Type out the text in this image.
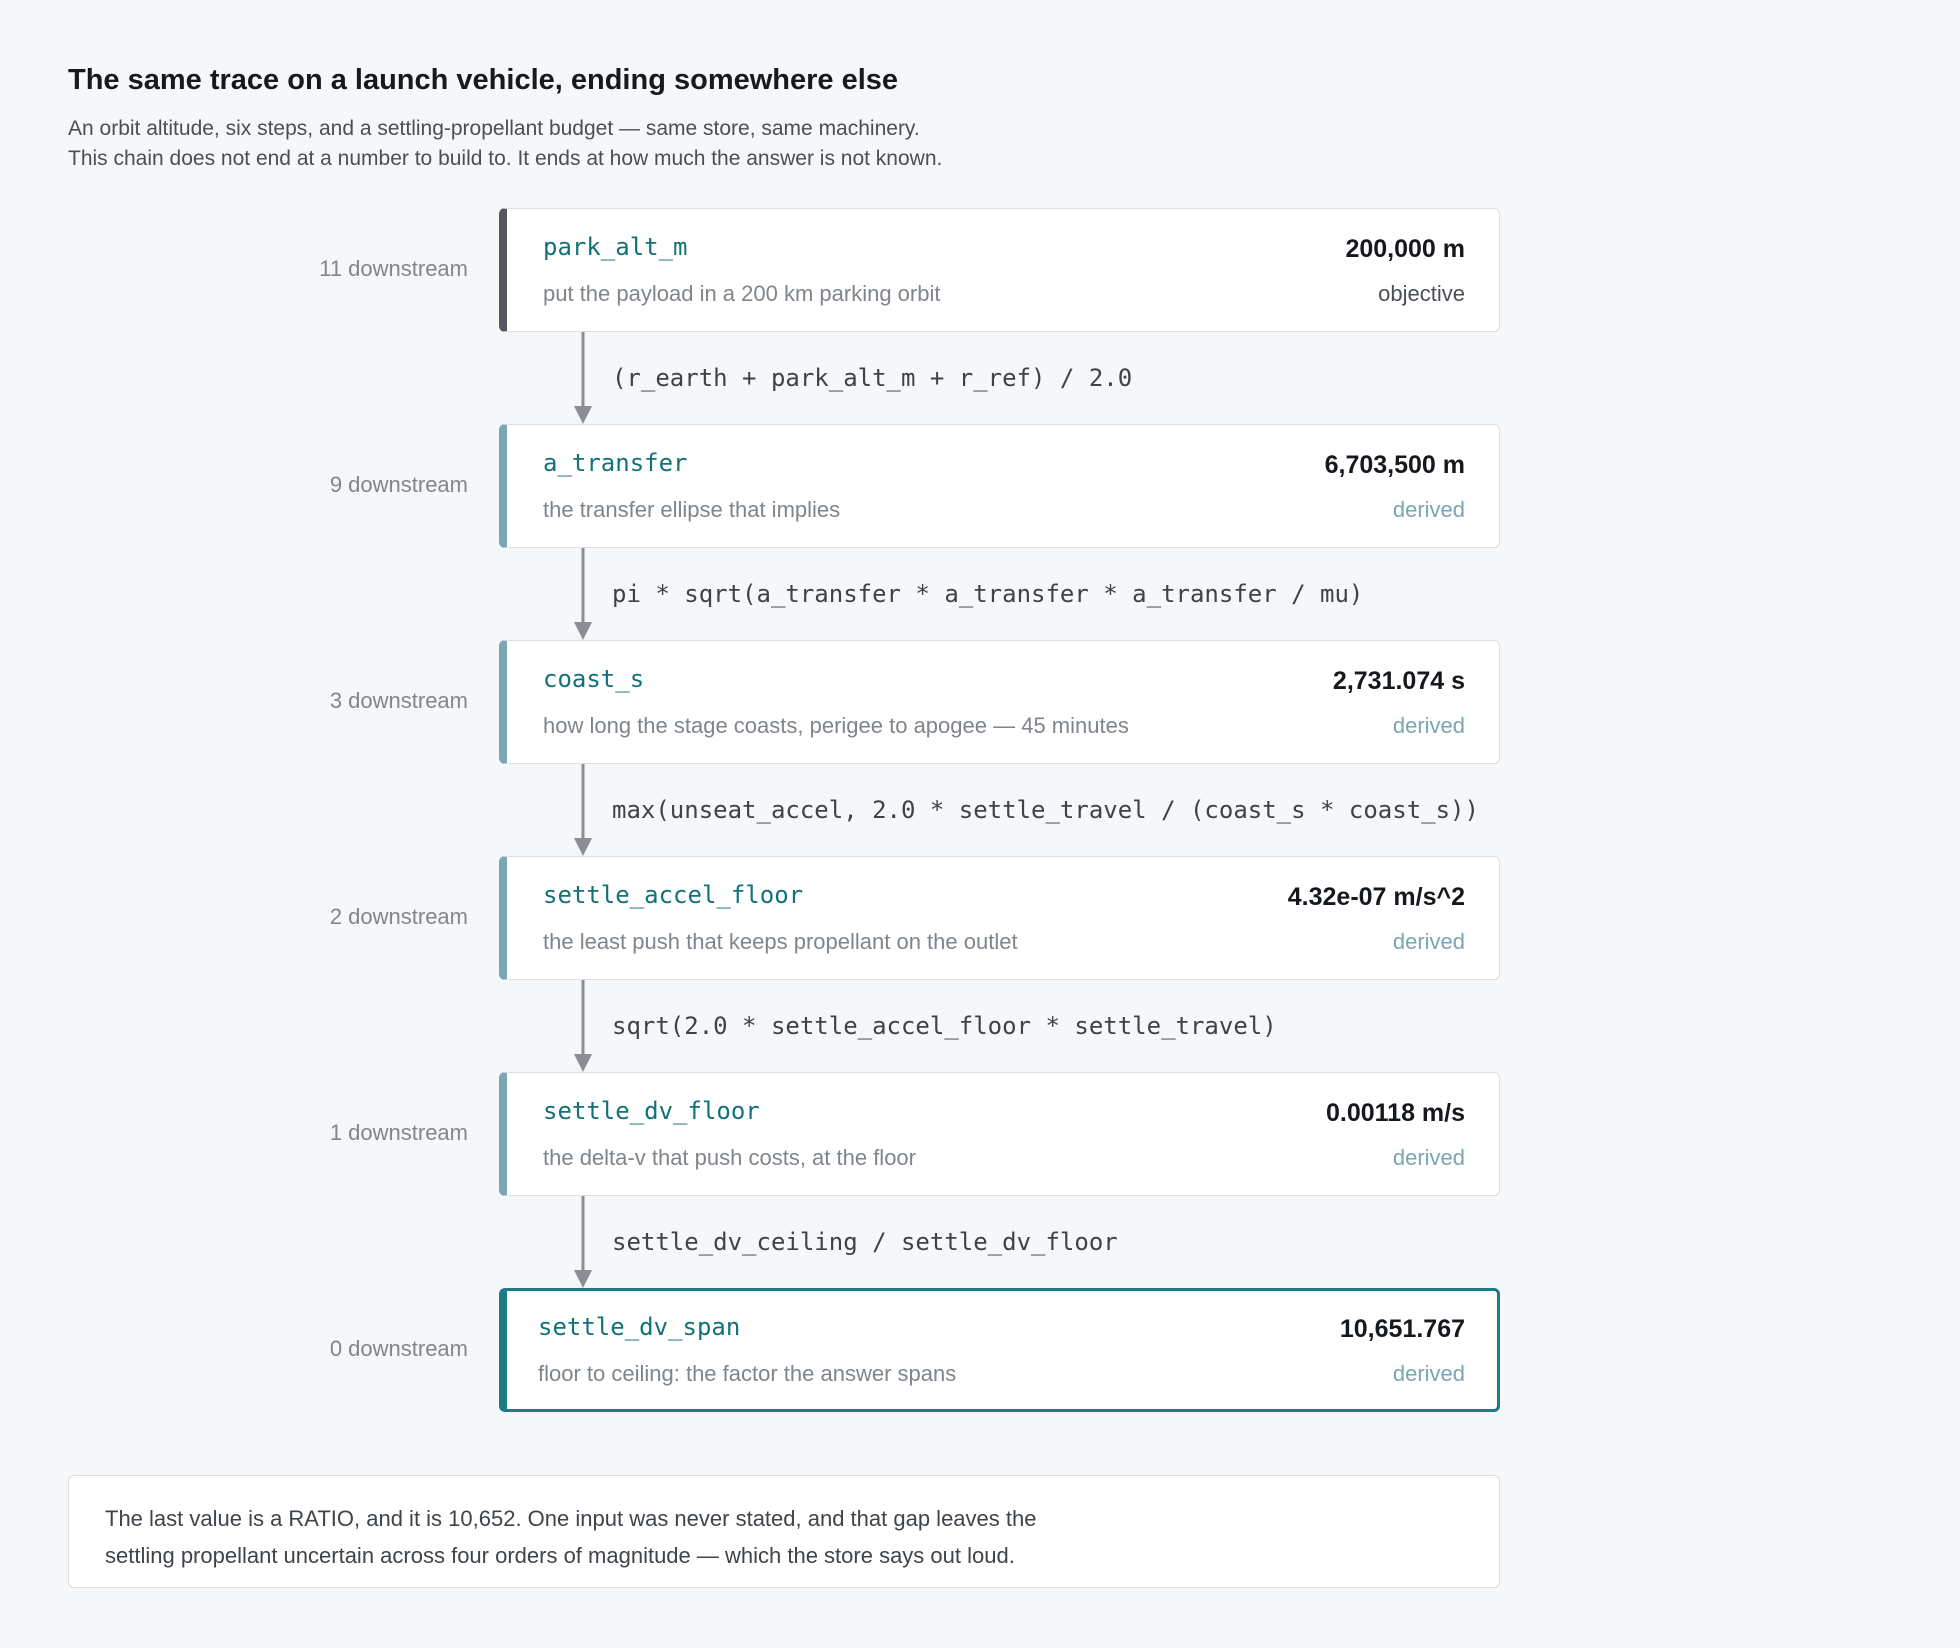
The same trace on a launch vehicle, ending somewhere else
An orbit altitude, six steps, and a settling-propellant budget — same store, same machinery.
This chain does not end at a number to build to. It ends at how much the answer is not known.
11 downstream
park_alt_m
put the payload in a 200 km parking orbit
200,000 m
objective
(r_earth + park_alt_m + r_ref) / 2.0
9 downstream
a_transfer
the transfer ellipse that implies
6,703,500 m
derived
pi * sqrt(a_transfer * a_transfer * a_transfer / mu)
3 downstream
coast_s
how long the stage coasts, perigee to apogee — 45 minutes
2,731.074 s
derived
max(unseat_accel, 2.0 * settle_travel / (coast_s * coast_s))
2 downstream
settle_accel_floor
the least push that keeps propellant on the outlet
4.32e-07 m/s^2
derived
sqrt(2.0 * settle_accel_floor * settle_travel)
1 downstream
settle_dv_floor
the delta-v that push costs, at the floor
0.00118 m/s
derived
settle_dv_ceiling / settle_dv_floor
0 downstream
settle_dv_span
floor to ceiling: the factor the answer spans
10,651.767
derived
The last value is a RATIO, and it is 10,652. One input was never stated, and that gap leaves the
settling propellant uncertain across four orders of magnitude — which the store says out loud.
